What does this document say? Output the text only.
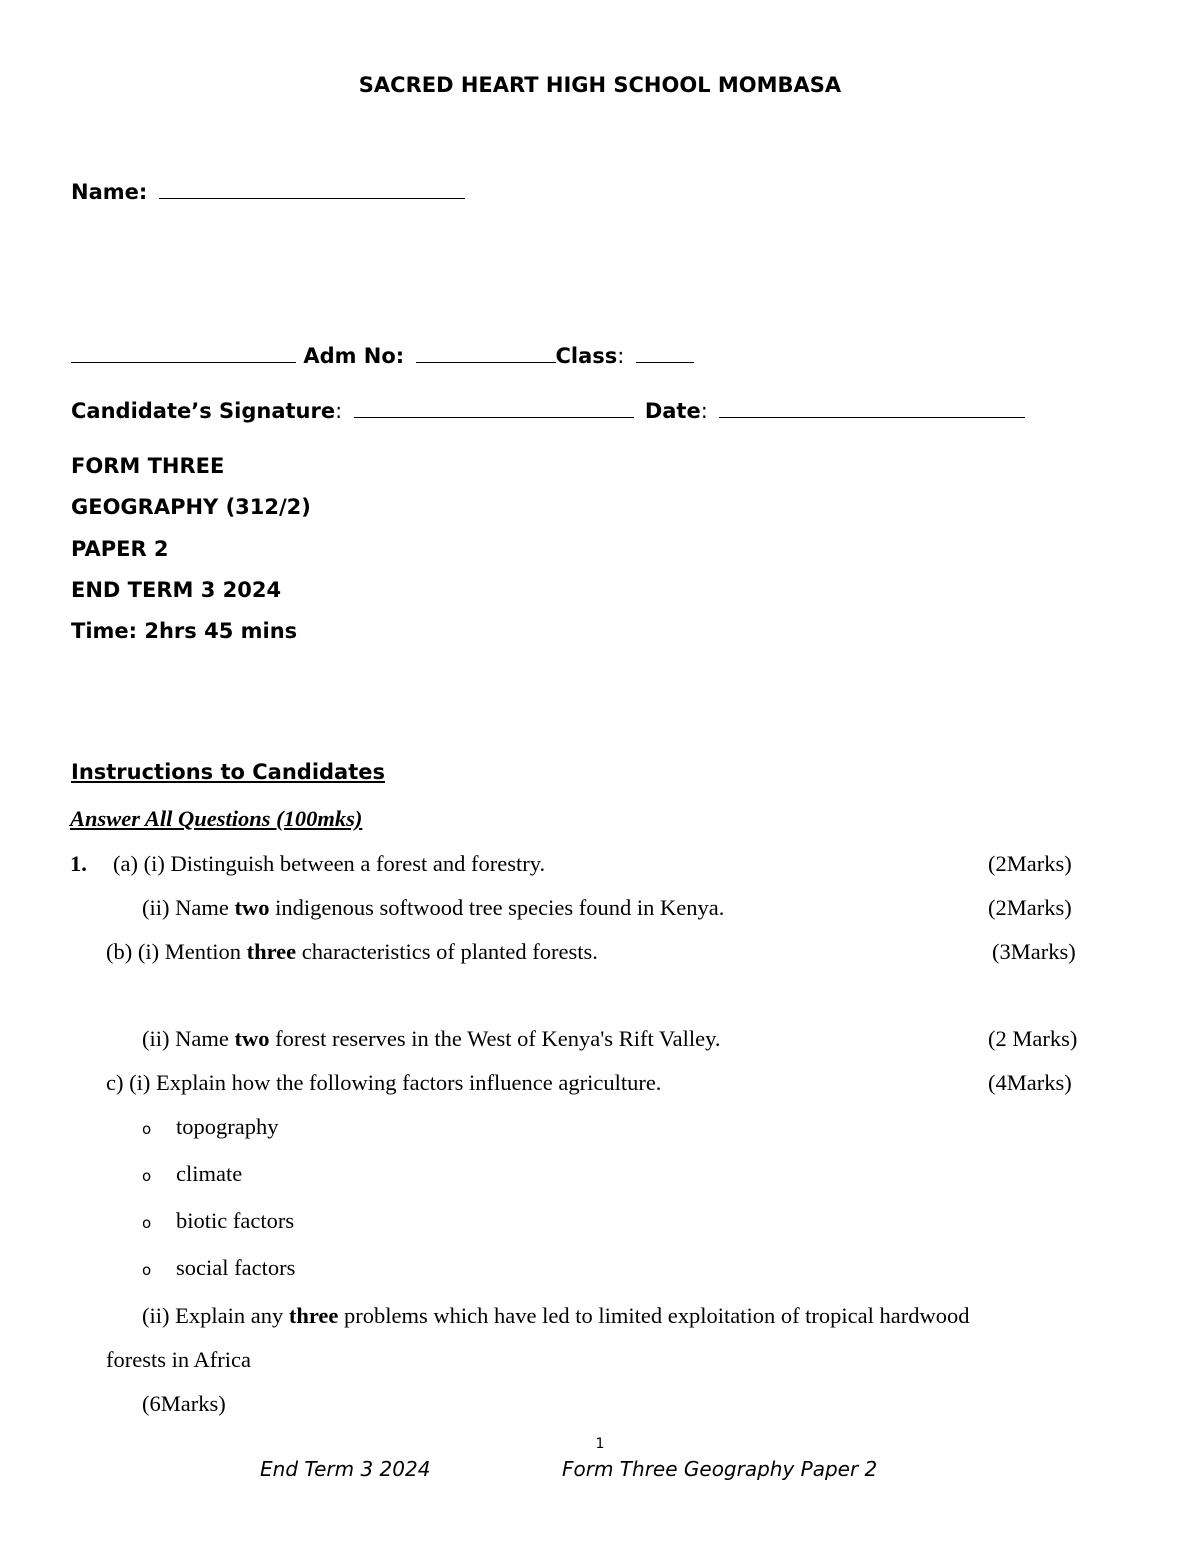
SACRED HEART HIGH SCHOOL MOMBASA
Name:
Adm No:	Class:
Candidate’s Signature:	Date:
FORM THREE
GEOGRAPHY (312/2)
PAPER 2
END TERM 3 2024
Time: 2hrs 45 mins
Instructions to Candidates
Answer All Questions (100mks)
1. (a) (i) Distinguish between a forest and forestry.	(2Marks)
(ii) Name two indigenous softwood tree species found in Kenya.	(2Marks)
(b) (i) Mention three characteristics of planted forests.	(3Marks)
(ii) Name two forest reserves in the West of Kenya's Rift Valley.	(2 Marks)
c) (i) Explain how the following factors influence agriculture.	(4Marks)
o topography
o climate
o biotic factors
o social factors
(ii) Explain any three problems which have led to limited exploitation of tropical hardwood
forests in Africa
(6Marks)
1
End Term 3 2024	Form Three Geography Paper 2
